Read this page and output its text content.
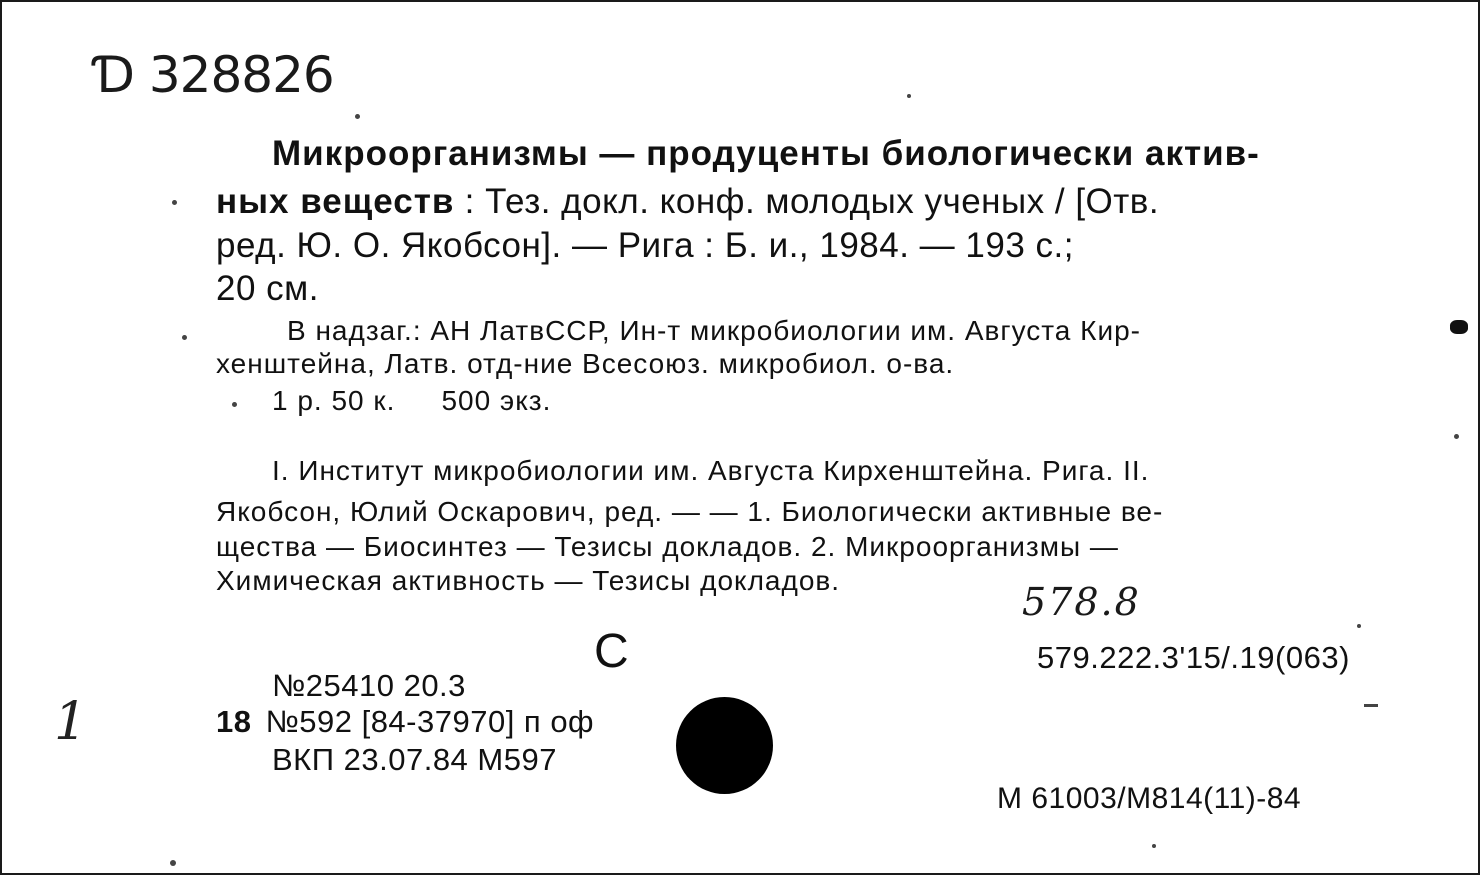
Ɗ 328826
Микроорганизмы — продуценты биологически актив-
ных веществ : Тез. докл. конф. молодых ученых / [Отв.
ред. Ю. О. Якобсон]. — Рига : Б. и., 1984. — 193 с.;
20 см.
В надзаг.: АН ЛатвССР, Ин-т микробиологии им. Августа Кир-
хенштейна, Латв. отд-ние Всесоюз. микробиол. о-ва.
1 р. 50 к. 500 экз.
I. Институт микробиологии им. Августа Кирхенштейна. Рига. II.
Якобсон, Юлий Оскарович, ред. — — 1. Биологически активные ве-
щества — Биосинтез — Тезисы докладов. 2. Микроорганизмы —
Химическая активность — Тезисы докладов.	578.8
579.222.3'15/.19(063)
С
№25410 20.3
18 №592 [84-37970] п оф
ВКП 23.07.84 М597
1
М 61003/М814(11)-84
